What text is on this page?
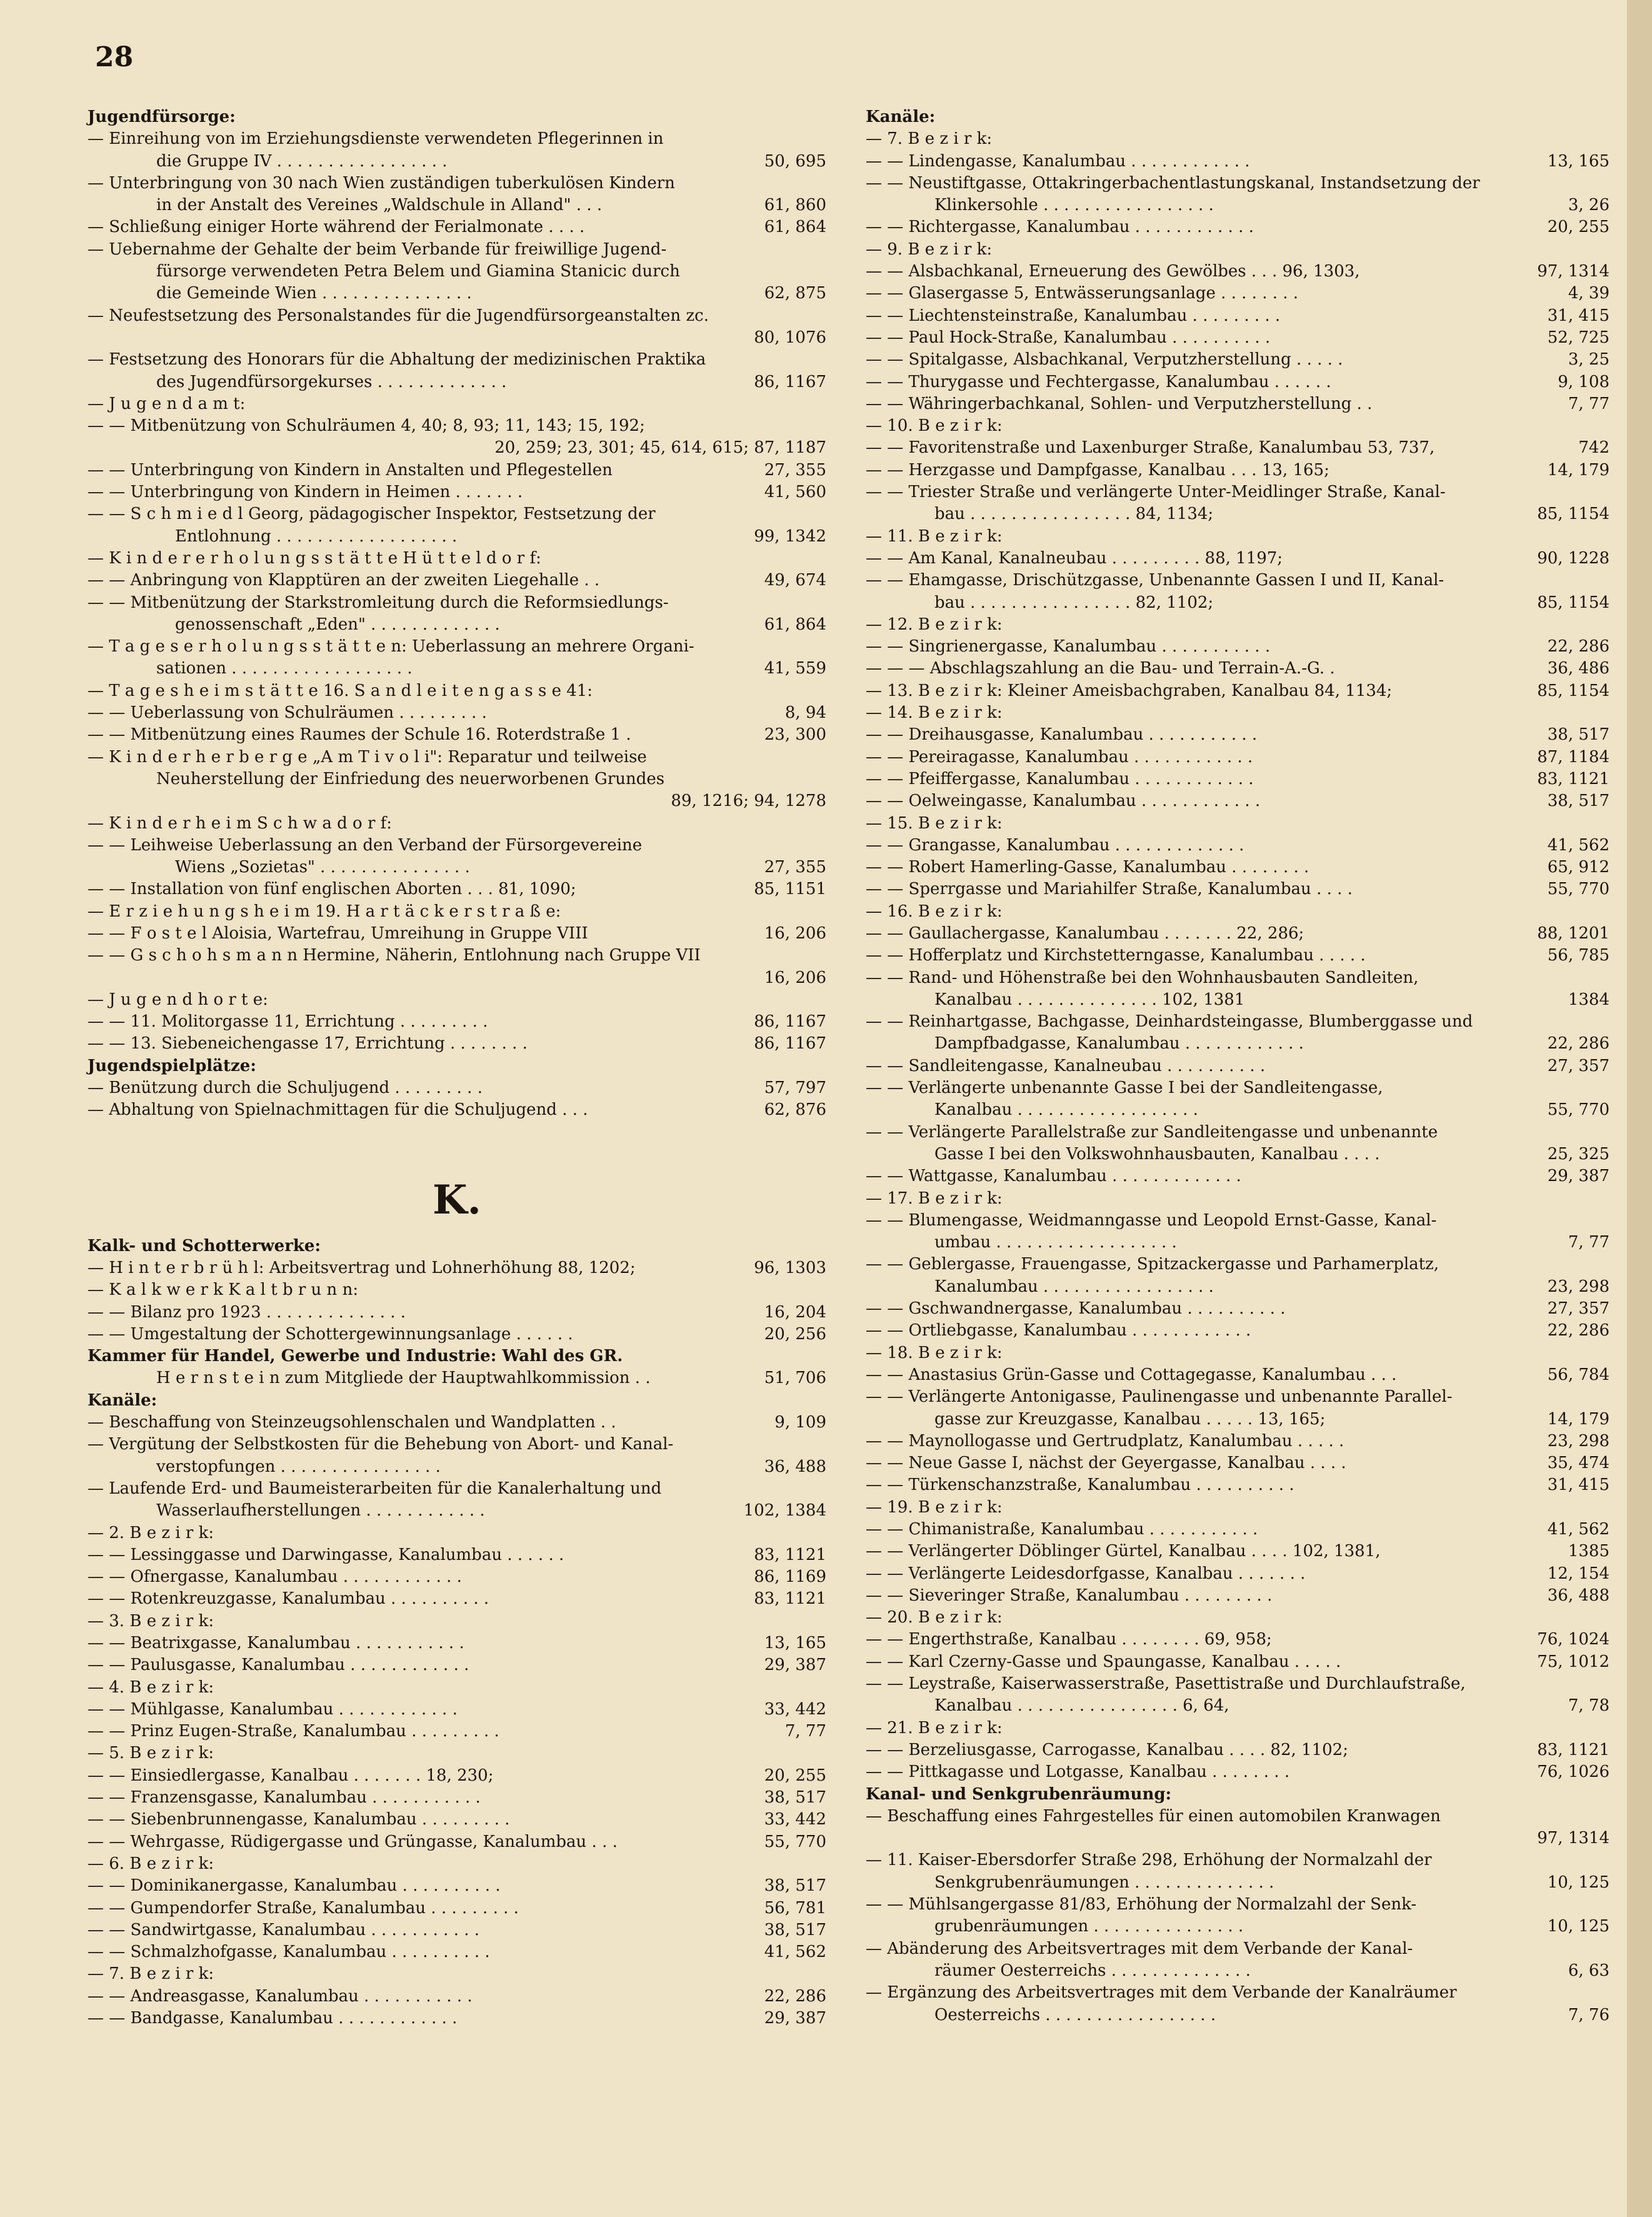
28
Jugendfürsorge:
— Einreihung von im Erziehungsdienste verwendeten Pflegerinnen in
die Gruppe IV . . . . . . . . . . . . . . . . .	50, 695
— Unterbringung von 30 nach Wien zuständigen tuberkulösen Kindern
in der Anstalt des Vereines „Waldschule in Alland" . . .	61, 860
— Schließung einiger Horte während der Ferialmonate . . . .	61, 864
— Uebernahme der Gehalte der beim Verbande für freiwillige Jugend-
fürsorge verwendeten Petra Belem und Giamina Stanicic durch
die Gemeinde Wien . . . . . . . . . . . . . . .	62, 875
— Neufestsetzung des Personalstandes für die Jugendfürsorgeanstalten zc.
80, 1076
— Festsetzung des Honorars für die Abhaltung der medizinischen Praktika
des Jugendfürsorgekurses . . . . . . . . . . . . .	86, 1167
— J u g e n d a m t:
— — Mitbenützung von Schulräumen 4, 40; 8, 93; 11, 143; 15, 192;
20, 259; 23, 301; 45, 614, 615; 87, 1187
— — Unterbringung von Kindern in Anstalten und Pflegestellen	27, 355
— — Unterbringung von Kindern in Heimen . . . . . . .	41, 560
— — S c h m i e d l Georg, pädagogischer Inspektor, Festsetzung der
Entlohnung . . . . . . . . . . . . . . . . . .	99, 1342
— K i n d e r e r h o l u n g s s t ä t t e H ü t t e l d o r f:
— — Anbringung von Klapptüren an der zweiten Liegehalle . .	49, 674
— — Mitbenützung der Starkstromleitung durch die Reformsiedlungs-
genossenschaft „Eden" . . . . . . . . . . . . .	61, 864
— T a g e s e r h o l u n g s s t ä t t e n: Ueberlassung an mehrere Organi-
sationen . . . . . . . . . . . . . . . . . .	41, 559
— T a g e s h e i m s t ä t t e 16. S a n d l e i t e n g a s s e 41:
— — Ueberlassung von Schulräumen . . . . . . . . .	8, 94
— — Mitbenützung eines Raumes der Schule 16. Roterdstraße 1 .	23, 300
— K i n d e r h e r b e r g e „A m T i v o l i": Reparatur und teilweise
Neuherstellung der Einfriedung des neuerworbenen Grundes
89, 1216; 94, 1278
— K i n d e r h e i m S c h w a d o r f:
— — Leihweise Ueberlassung an den Verband der Fürsorgevereine
Wiens „Sozietas" . . . . . . . . . . . . . . .	27, 355
— — Installation von fünf englischen Aborten . . . 81, 1090;	85, 1151
— E r z i e h u n g s h e i m 19. H a r t ä c k e r s t r a ß e:
— — F o s t e l Aloisia, Wartefrau, Umreihung in Gruppe VIII	16, 206
— — G s c h o h s m a n n Hermine, Näherin, Entlohnung nach Gruppe VII
16, 206
— J u g e n d h o r t e:
— — 11. Molitorgasse 11, Errichtung . . . . . . . . .	86, 1167
— — 13. Siebeneichengasse 17, Errichtung . . . . . . . .	86, 1167
Jugendspielplätze:
— Benützung durch die Schuljugend . . . . . . . . .	57, 797
— Abhaltung von Spielnachmittagen für die Schuljugend . . .	62, 876
K.
Kalk- und Schotterwerke:
— H i n t e r b r ü h l: Arbeitsvertrag und Lohnerhöhung 88, 1202;	96, 1303
— K a l k w e r k K a l t b r u n n:
— — Bilanz pro 1923 . . . . . . . . . . . . . .	16, 204
— — Umgestaltung der Schottergewinnungsanlage . . . . . .	20, 256
Kammer für Handel, Gewerbe und Industrie: Wahl des GR.
H e r n s t e i n zum Mitgliede der Hauptwahlkommission . .	51, 706
Kanäle:
— Beschaffung von Steinzeugsohlenschalen und Wandplatten . .	9, 109
— Vergütung der Selbstkosten für die Behebung von Abort- und Kanal-
verstopfungen . . . . . . . . . . . . . . . .	36, 488
— Laufende Erd- und Baumeisterarbeiten für die Kanalerhaltung und
Wasserlaufherstellungen . . . . . . . . . . . .	102, 1384
— 2. B e z i r k:
— — Lessinggasse und Darwingasse, Kanalumbau . . . . . .	83, 1121
— — Ofnergasse, Kanalumbau . . . . . . . . . . . .	86, 1169
— — Rotenkreuzgasse, Kanalumbau . . . . . . . . . .	83, 1121
— 3. B e z i r k:
— — Beatrixgasse, Kanalumbau . . . . . . . . . . .	13, 165
— — Paulusgasse, Kanalumbau . . . . . . . . . . . .	29, 387
— 4. B e z i r k:
— — Mühlgasse, Kanalumbau . . . . . . . . . . . .	33, 442
— — Prinz Eugen-Straße, Kanalumbau . . . . . . . . .	7, 77
— 5. B e z i r k:
— — Einsiedlergasse, Kanalbau . . . . . . . 18, 230;	20, 255
— — Franzensgasse, Kanalumbau . . . . . . . . . . .	38, 517
— — Siebenbrunnengasse, Kanalumbau . . . . . . . . .	33, 442
— — Wehrgasse, Rüdigergasse und Grüngasse, Kanalumbau . . .	55, 770
— 6. B e z i r k:
— — Dominikanergasse, Kanalumbau . . . . . . . . . .	38, 517
— — Gumpendorfer Straße, Kanalumbau . . . . . . . . .	56, 781
— — Sandwirtgasse, Kanalumbau . . . . . . . . . . .	38, 517
— — Schmalzhofgasse, Kanalumbau . . . . . . . . . .	41, 562
— 7. B e z i r k:
— — Andreasgasse, Kanalumbau . . . . . . . . . . .	22, 286
— — Bandgasse, Kanalumbau . . . . . . . . . . . .	29, 387
Kanäle:
— 7. B e z i r k:
— — Lindengasse, Kanalumbau . . . . . . . . . . . .	13, 165
— — Neustiftgasse, Ottakringerbachentlastungskanal, Instandsetzung der
Klinkersohle . . . . . . . . . . . . . . . . .	3, 26
— — Richtergasse, Kanalumbau . . . . . . . . . . . .	20, 255
— 9. B e z i r k:
— — Alsbachkanal, Erneuerung des Gewölbes . . . 96, 1303,	97, 1314
— — Glasergasse 5, Entwässerungsanlage . . . . . . . .	4, 39
— — Liechtensteinstraße, Kanalumbau . . . . . . . . .	31, 415
— — Paul Hock-Straße, Kanalumbau . . . . . . . . . .	52, 725
— — Spitalgasse, Alsbachkanal, Verputzherstellung . . . . .	3, 25
— — Thurygasse und Fechtergasse, Kanalumbau . . . . . .	9, 108
— — Währingerbachkanal, Sohlen- und Verputzherstellung . .	7, 77
— 10. B e z i r k:
— — Favoritenstraße und Laxenburger Straße, Kanalumbau 53, 737,	742
— — Herzgasse und Dampfgasse, Kanalbau . . . 13, 165;	14, 179
— — Triester Straße und verlängerte Unter-Meidlinger Straße, Kanal-
bau . . . . . . . . . . . . . . . . 84, 1134;	85, 1154
— 11. B e z i r k:
— — Am Kanal, Kanalneubau . . . . . . . . . 88, 1197;	90, 1228
— — Ehamgasse, Drischützgasse, Unbenannte Gassen I und II, Kanal-
bau . . . . . . . . . . . . . . . . 82, 1102;	85, 1154
— 12. B e z i r k:
— — Singrienergasse, Kanalumbau . . . . . . . . . . .	22, 286
— — — Abschlagszahlung an die Bau- und Terrain-A.-G. .	36, 486
— 13. B e z i r k: Kleiner Ameisbachgraben, Kanalbau 84, 1134;	85, 1154
— 14. B e z i r k:
— — Dreihausgasse, Kanalumbau . . . . . . . . . . .	38, 517
— — Pereiragasse, Kanalumbau . . . . . . . . . . . .	87, 1184
— — Pfeiffergasse, Kanalumbau . . . . . . . . . . . .	83, 1121
— — Oelweingasse, Kanalumbau . . . . . . . . . . . .	38, 517
— 15. B e z i r k:
— — Grangasse, Kanalumbau . . . . . . . . . . . . .	41, 562
— — Robert Hamerling-Gasse, Kanalumbau . . . . . . . .	65, 912
— — Sperrgasse und Mariahilfer Straße, Kanalumbau . . . .	55, 770
— 16. B e z i r k:
— — Gaullachergasse, Kanalumbau . . . . . . . 22, 286;	88, 1201
— — Hofferplatz und Kirchstetterngasse, Kanalumbau . . . . .	56, 785
— — Rand- und Höhenstraße bei den Wohnhausbauten Sandleiten,
Kanalbau . . . . . . . . . . . . . . 102, 1381	1384
— — Reinhartgasse, Bachgasse, Deinhardsteingasse, Blumberggasse und
Dampfbadgasse, Kanalumbau . . . . . . . . . . . .	22, 286
— — Sandleitengasse, Kanalneubau . . . . . . . . . .	27, 357
— — Verlängerte unbenannte Gasse I bei der Sandleitengasse,
Kanalbau . . . . . . . . . . . . . . . . . .	55, 770
— — Verlängerte Parallelstraße zur Sandleitengasse und unbenannte
Gasse I bei den Volkswohnhausbauten, Kanalbau . . . .	25, 325
— — Wattgasse, Kanalumbau . . . . . . . . . . . . .	29, 387
— 17. B e z i r k:
— — Blumengasse, Weidmanngasse und Leopold Ernst-Gasse, Kanal-
umbau . . . . . . . . . . . . . . . . . .	7, 77
— — Geblergasse, Frauengasse, Spitzackergasse und Parhamerplatz,
Kanalumbau . . . . . . . . . . . . . . . . .	23, 298
— — Gschwandnergasse, Kanalumbau . . . . . . . . . .	27, 357
— — Ortliebgasse, Kanalumbau . . . . . . . . . . . .	22, 286
— 18. B e z i r k:
— — Anastasius Grün-Gasse und Cottagegasse, Kanalumbau . . .	56, 784
— — Verlängerte Antonigasse, Paulinengasse und unbenannte Parallel-
gasse zur Kreuzgasse, Kanalbau . . . . . 13, 165;	14, 179
— — Maynollogasse und Gertrudplatz, Kanalumbau . . . . .	23, 298
— — Neue Gasse I, nächst der Geyergasse, Kanalbau . . . .	35, 474
— — Türkenschanzstraße, Kanalumbau . . . . . . . . . .	31, 415
— 19. B e z i r k:
— — Chimanistraße, Kanalumbau . . . . . . . . . . .	41, 562
— — Verlängerter Döblinger Gürtel, Kanalbau . . . . 102, 1381,	1385
— — Verlängerte Leidesdorfgasse, Kanalbau . . . . . . .	12, 154
— — Sieveringer Straße, Kanalumbau . . . . . . . . .	36, 488
— 20. B e z i r k:
— — Engerthstraße, Kanalbau . . . . . . . . 69, 958;	76, 1024
— — Karl Czerny-Gasse und Spaungasse, Kanalbau . . . . .	75, 1012
— — Leystraße, Kaiserwasserstraße, Pasettistraße und Durchlaufstraße,
Kanalbau . . . . . . . . . . . . . . . . 6, 64,	7, 78
— 21. B e z i r k:
— — Berzeliusgasse, Carrogasse, Kanalbau . . . . 82, 1102;	83, 1121
— — Pittkagasse und Lotgasse, Kanalbau . . . . . . . .	76, 1026
Kanal- und Senkgrubenräumung:
— Beschaffung eines Fahrgestelles für einen automobilen Kranwagen
97, 1314
— 11. Kaiser-Ebersdorfer Straße 298, Erhöhung der Normalzahl der
Senkgrubenräumungen . . . . . . . . . . . . . .	10, 125
— — Mühlsangergasse 81/83, Erhöhung der Normalzahl der Senk-
grubenräumungen . . . . . . . . . . . . . . .	10, 125
— Abänderung des Arbeitsvertrages mit dem Verbande der Kanal-
räumer Oesterreichs . . . . . . . . . . . . . .	6, 63
— Ergänzung des Arbeitsvertrages mit dem Verbande der Kanalräumer
Oesterreichs . . . . . . . . . . . . . . . . .	7, 76
